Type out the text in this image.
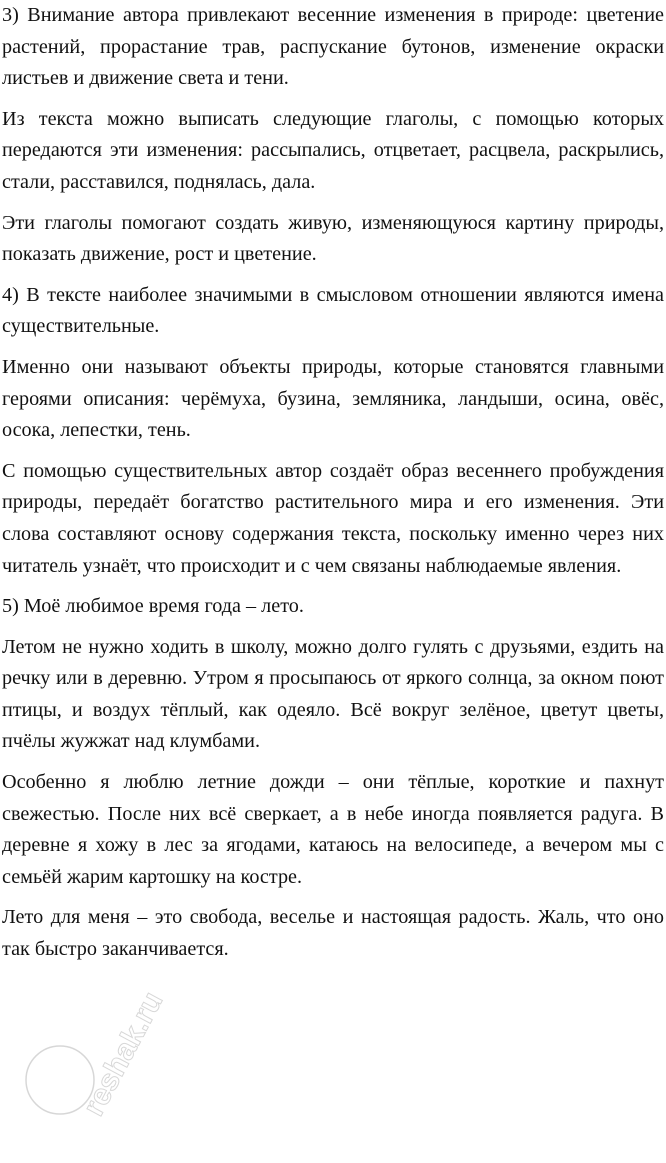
3) Внимание автора привлекают весенние изменения в природе: цветение растений, прорастание трав, распускание бутонов, изменение окраски листьев и движение света и тени.

Из текста можно выписать следующие глаголы, с помощью которых передаются эти изменения: рассыпались, отцветает, расцвела, раскрылись, стали, расставился, поднялась, дала.

Эти глаголы помогают создать живую, изменяющуюся картину природы, показать движение, рост и цветение.

4) В тексте наиболее значимыми в смысловом отношении являются имена существительные.

Именно они называют объекты природы, которые становятся главными героями описания: черёмуха, бузина, земляника, ландыши, осина, овёс, осока, лепестки, тень.

С помощью существительных автор создаёт образ весеннего пробуждения природы, передаёт богатство растительного мира и его изменения. Эти слова составляют основу содержания текста, поскольку именно через них читатель узнаёт, что происходит и с чем связаны наблюдаемые явления.

5) Моё любимое время года – лето.

Летом не нужно ходить в школу, можно долго гулять с друзьями, ездить на речку или в деревню. Утром я просыпаюсь от яркого солнца, за окном поют птицы, и воздух тёплый, как одеяло. Всё вокруг зелёное, цветут цветы, пчёлы жужжат над клумбами.

Особенно я люблю летние дожди – они тёплые, короткие и пахнут свежестью. После них всё сверкает, а в небе иногда появляется радуга. В деревне я хожу в лес за ягодами, катаюсь на велосипеде, а вечером мы с семьёй жарим картошку на костре.

Лето для меня – это свобода, веселье и настоящая радость. Жаль, что оно так быстро заканчивается.

reshak.ru
